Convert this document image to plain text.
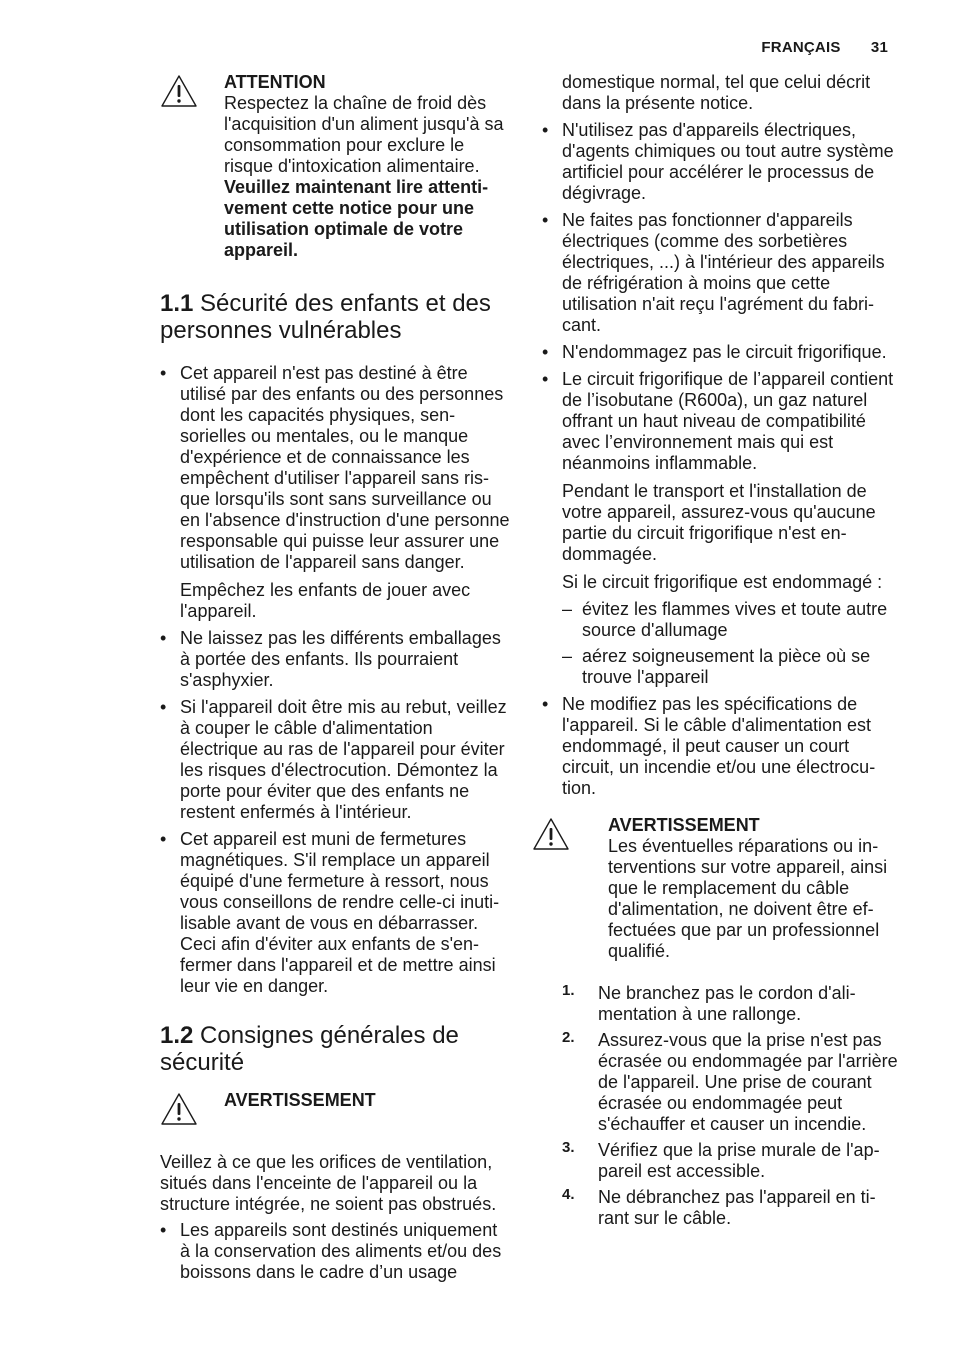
FRANÇAIS 31

ATTENTION

Respectez la chaîne de froid dès l'acquisition d'un aliment jusqu'à sa consommation pour exclure le risque d'intoxication alimentaire.

Veuillez maintenant lire attentivement cette notice pour une utilisation optimale de votre appareil.

1.1 Sécurité des enfants et des personnes vulnérables

• Cet appareil n'est pas destiné à être utilisé par des enfants ou des personnes dont les capacités physiques, sensorielles ou mentales, ou le manque d'expérience et de connaissance les empêchent d'utiliser l'appareil sans risque lorsqu'ils sont sans surveillance ou en l'absence d'instruction d'une personne responsable qui puisse leur assurer une utilisation de l'appareil sans danger.

Empêchez les enfants de jouer avec l'appareil.

• Ne laissez pas les différents emballages à portée des enfants. Ils pourraient s'asphyxier.

• Si l'appareil doit être mis au rebut, veillez à couper le câble d'alimentation électrique au ras de l'appareil pour éviter les risques d'électrocution. Démontez la porte pour éviter que des enfants ne restent enfermés à l'intérieur.

• Cet appareil est muni de fermetures magnétiques. S'il remplace un appareil équipé d'une fermeture à ressort, nous vous conseillons de rendre celle-ci inutilisable avant de vous en débarrasser. Ceci afin d'éviter aux enfants de s'enfermer dans l'appareil et de mettre ainsi leur vie en danger.

1.2 Consignes générales de sécurité

AVERTISSEMENT

Veillez à ce que les orifices de ventilation, situés dans l'enceinte de l'appareil ou la structure intégrée, ne soient pas obstrués.

• Les appareils sont destinés uniquement à la conservation des aliments et/ou des boissons dans le cadre d’un usage

domestique normal, tel que celui décrit dans la présente notice.

• N'utilisez pas d'appareils électriques, d'agents chimiques ou tout autre système artificiel pour accélérer le processus de dégivrage.

• Ne faites pas fonctionner d'appareils électriques (comme des sorbetières électriques, ...) à l'intérieur des appareils de réfrigération à moins que cette utilisation n'ait reçu l'agrément du fabricant.

• N'endommagez pas le circuit frigorifique.

• Le circuit frigorifique de l’appareil contient de l’isobutane (R600a), un gaz naturel offrant un haut niveau de compatibilité avec l’environnement mais qui est néanmoins inflammable.

Pendant le transport et l'installation de votre appareil, assurez-vous qu'aucune partie du circuit frigorifique n'est endommagée.

Si le circuit frigorifique est endommagé :

– évitez les flammes vives et toute autre source d'allumage
– aérez soigneusement la pièce où se trouve l'appareil

• Ne modifiez pas les spécifications de l'appareil. Si le câble d'alimentation est endommagé, il peut causer un court circuit, un incendie et/ou une électrocution.

AVERTISSEMENT

Les éventuelles réparations ou interventions sur votre appareil, ainsi que le remplacement du câble d'alimentation, ne doivent être effectuées que par un professionnel qualifié.

1. Ne branchez pas le cordon d'alimentation à une rallonge.
2. Assurez-vous que la prise n'est pas écrasée ou endommagée par l'arrière de l'appareil. Une prise de courant écrasée ou endommagée peut s'échauffer et causer un incendie.
3. Vérifiez que la prise murale de l'appareil est accessible.
4. Ne débranchez pas l'appareil en tirant sur le câble.
